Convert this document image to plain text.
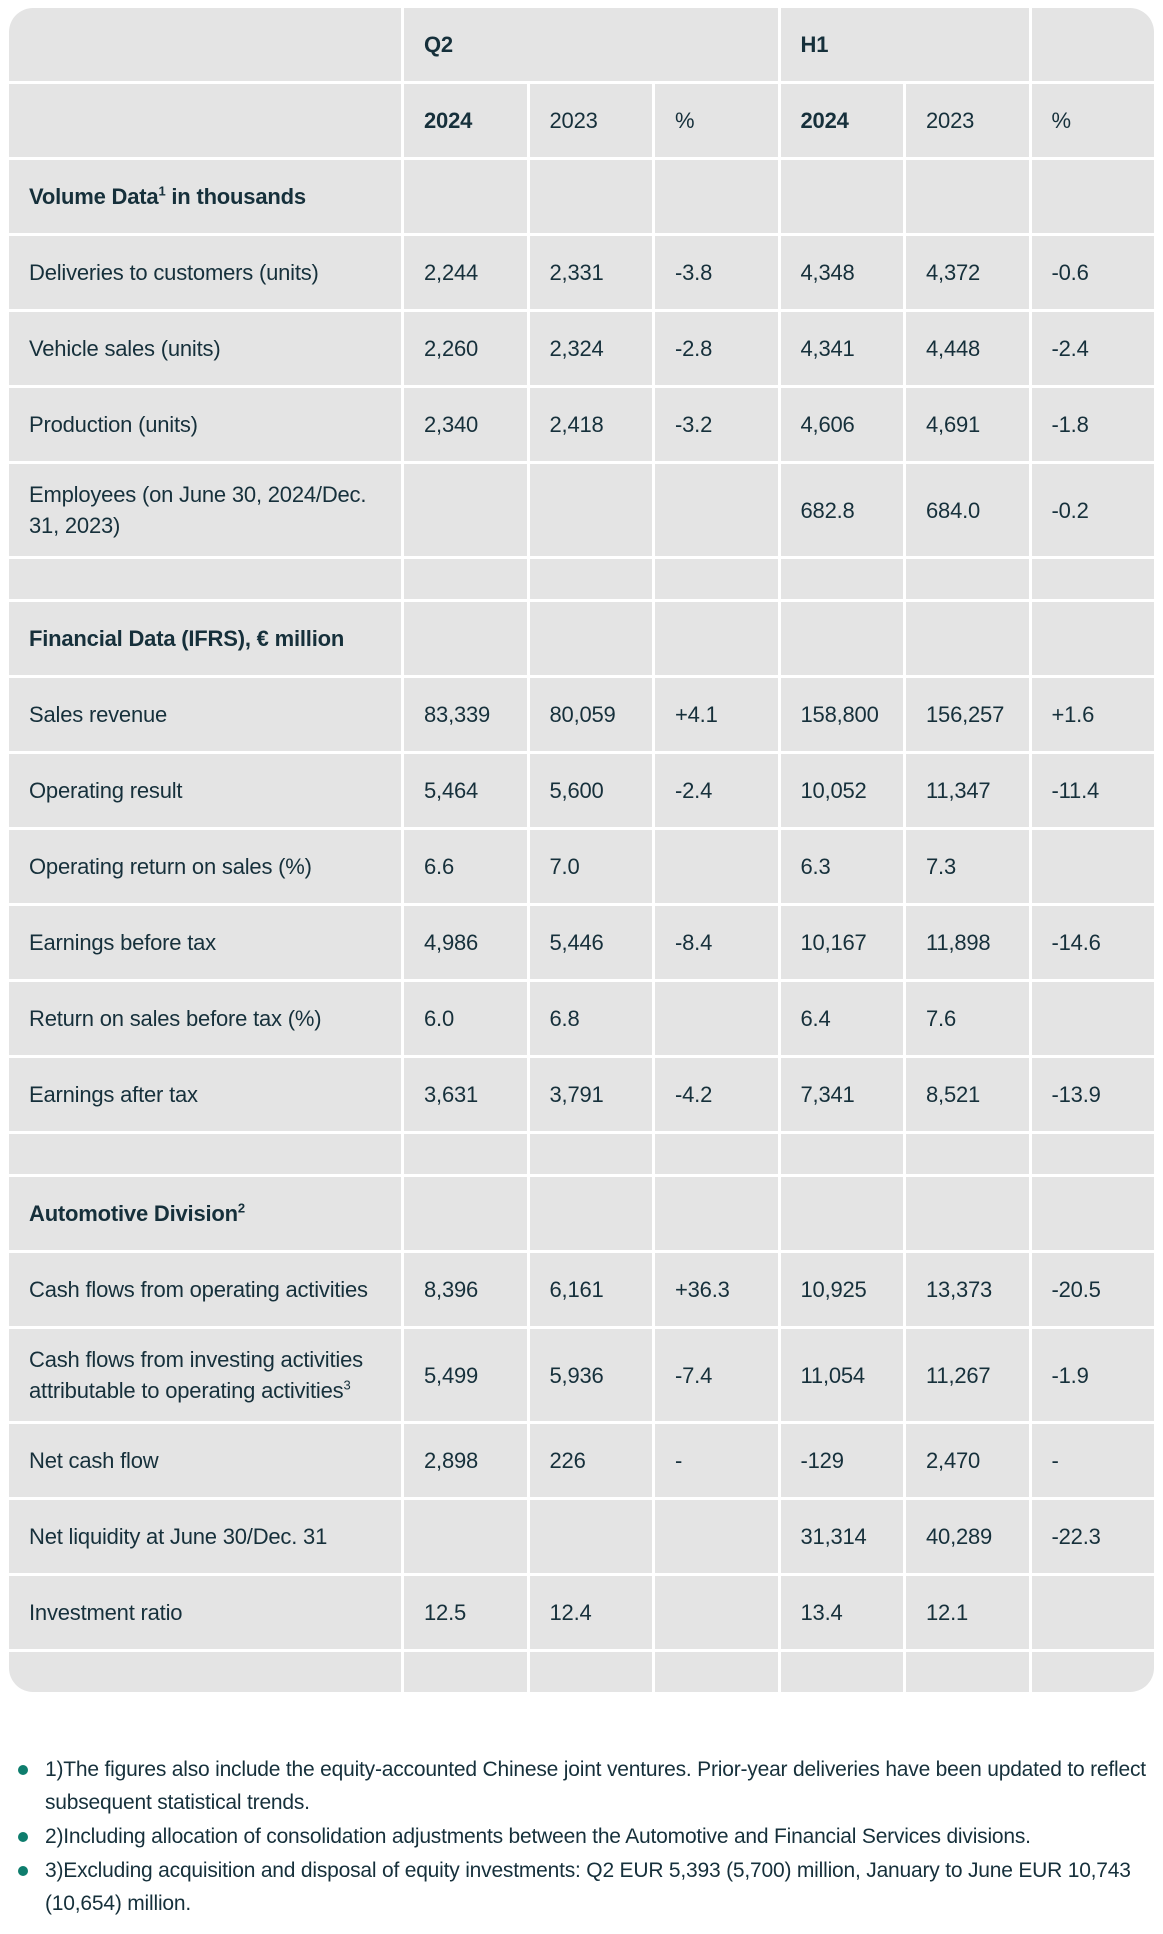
	Q2			H1		
	2024	2023	%	2024	2023	%
Volume Data$^1$ in thousands						
Deliveries to customers (units)	2,244	2,331	-3.8	4,348	4,372	-0.6
Vehicle sales (units)	2,260	2,324	-2.8	4,341	4,448	-2.4
Production (units)	2,340	2,418	-3.2	4,606	4,691	-1.8
Employees (on June 30, 2024/Dec. 31, 2023)				682.8	684.0	-0.2

Financial Data (IFRS), € million						
Sales revenue	83,339	80,059	+4.1	158,800	156,257	+1.6
Operating result	5,464	5,600	-2.4	10,052	11,347	-11.4
Operating return on sales (%)	6.6	7.0		6.3	7.3	
Earnings before tax	4,986	5,446	-8.4	10,167	11,898	-14.6
Return on sales before tax (%)	6.0	6.8		6.4	7.6	
Earnings after tax	3,631	3,791	-4.2	7,341	8,521	-13.9

Automotive Division$^2$						
Cash flows from operating activities	8,396	6,161	+36.3	10,925	13,373	-20.5
Cash flows from investing activities attributable to operating activities$^3$	5,499	5,936	-7.4	11,054	11,267	-1.9
Net cash flow	2,898	226	-	-129	2,470	-
Net liquidity at June 30/Dec. 31				31,314	40,289	-22.3
Investment ratio	12.5	12.4		13.4	12.1	

1)The figures also include the equity-accounted Chinese joint ventures. Prior-year deliveries have been updated to reflect subsequent statistical trends.
2)Including allocation of consolidation adjustments between the Automotive and Financial Services divisions.
3)Excluding acquisition and disposal of equity investments: Q2 EUR 5,393 (5,700) million, January to June EUR 10,743 (10,654) million.
